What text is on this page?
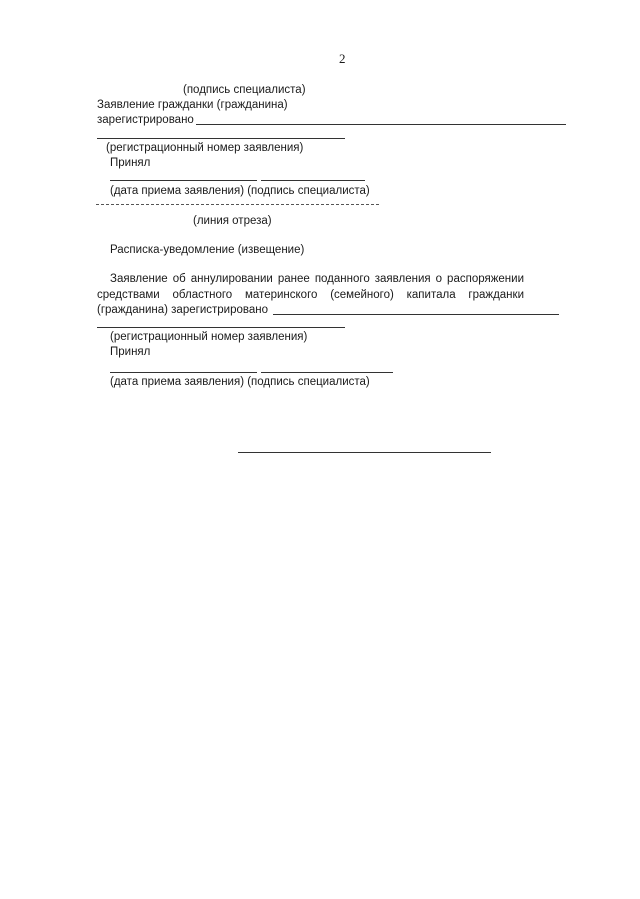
2
(подпись специалиста)
Заявление гражданки (гражданина)
зарегистрировано
(регистрационный номер заявления)
Принял
(дата приема заявления) (подпись специалиста)
(линия отреза)
Расписка-уведомление (извещение)
Заявление об аннулировании ранее поданного заявления о распоряжении
средствами областного материнского (семейного) капитала гражданки
(гражданина) зарегистрировано
(регистрационный номер заявления)
Принял
(дата приема заявления) (подпись специалиста)
